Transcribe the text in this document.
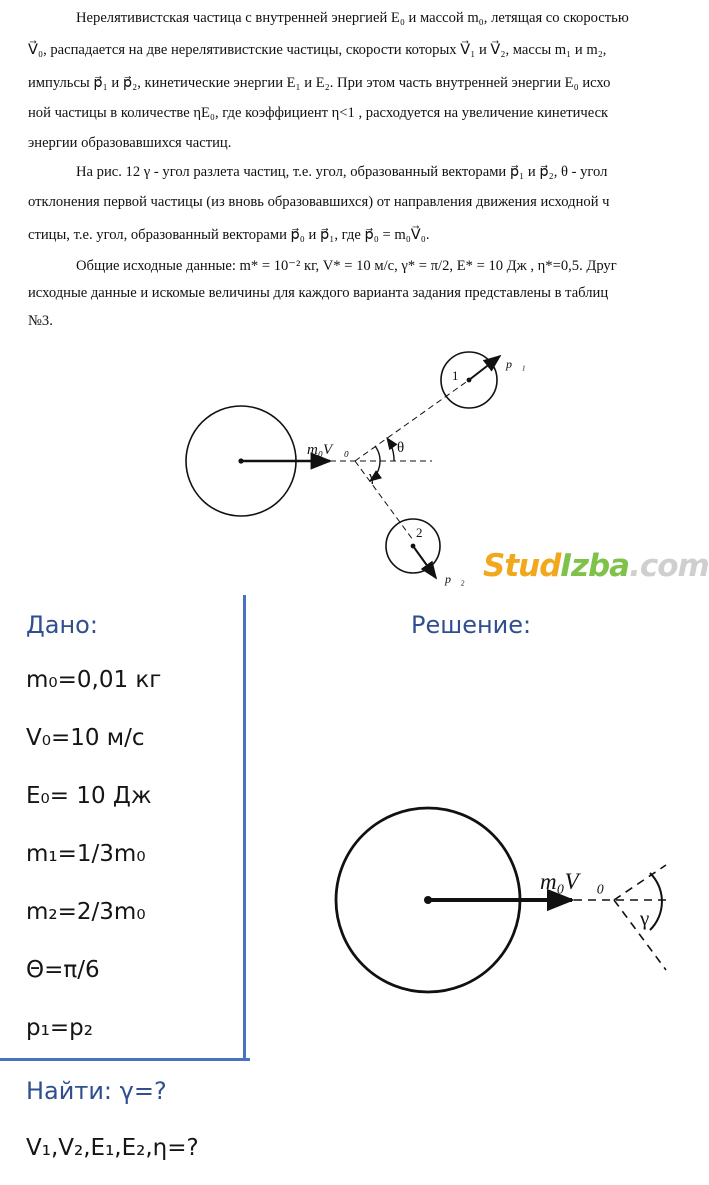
Нерелятивистская частица с внутренней энергией E₀ и массой m₀, летящая со скоростью
V⃗₀, распадается на две нерелятивистские частицы, скорости которых V⃗₁ и V⃗₂, массы m₁ и m₂,
импульсы p⃗₁ и p⃗₂, кинетические энергии E₁ и E₂. При этом часть внутренней энергии E₀ исхо
ной частицы в количестве ηE₀, где коэффициент η<1 , расходуется на увеличение кинетическ
энергии образовавшихся частиц.
На рис. 12 γ - угол разлета частиц, т.е. угол, образованный векторами p⃗₁ и p⃗₂, θ - угол
отклонения первой частицы (из вновь образовавшихся) от направления движения исходной ч
стицы, т.е. угол, образованный векторами p⃗₀ и p⃗₁, где p⃗₀ = m₀V⃗₀.
Общие исходные данные: m* = 10⁻² кг, V* = 10 м/с, γ* = π/2, E* = 10 Дж , η*=0,5. Друг
исходные данные и искомые величины для каждого варианта задания представлены в таблиц
№3.
m₀V⃗₀	θ
γ
1
2
p⃗₁
p⃗₂ StudIzba.com
Дано:	Решение:
m₀=0,01 кг
V₀=10 м/с
E₀= 10 Дж
m₁=1/3m₀
m₂=2/3m₀
Θ=π/6
p₁=p₂
Найти: γ=?
V₁,V₂,E₁,E₂,η=?
m₀V⃗₀
γ
